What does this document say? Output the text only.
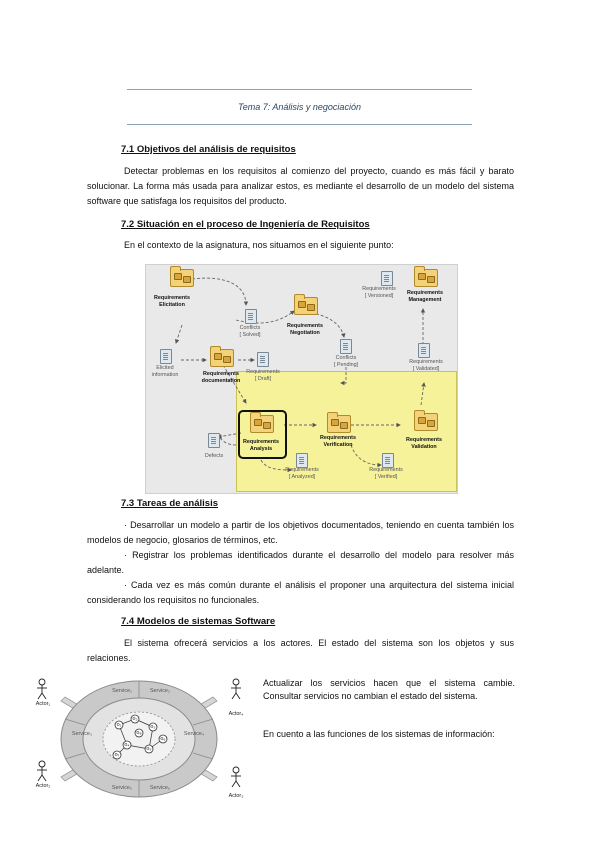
Tema 7: Análisis y negociación
7.1 Objetivos del análisis de requisitos
Detectar problemas en los requisitos al comienzo del proyecto, cuando es más fácil y barato solucionar. La forma más usada para analizar estos, es mediante el desarrollo de un modelo del sistema software que satisfaga los requisitos del producto.
7.2 Situación en el proceso de Ingeniería de Requisitos
En el contexto de la asignatura, nos situamos en el siguiente punto:
Requirements
Elicitation
Requirements
Negotiation
Requirements
Management
Requirements
documentation
Requirements
Analysis
Requirements
Verification
Requirements
Validation
Conflicts
[ Solved]
Requirements
[ Versioned]
Elicited
information	Requirements
[ Draft]
Conflicts
[ Pending]	Requirements
[ Validated]
Defects
Requirements
[ Analyzed]
Requirements
[ Verified]
7.3 Tareas de análisis
· Desarrollar un modelo a partir de los objetivos documentados, teniendo en cuenta también los modelos de negocio, glosarios de términos, etc.
· Registrar los problemas identificados durante el desarrollo del modelo para resolver más adelante.
· Cada vez es más común durante el análisis el proponer una arquitectura del sistema inicial considerando los requisitos no funcionales.
7.4 Modelos de sistemas Software
El sistema ofrecerá servicios a los actores. El estado del sistema son los objetos y sus relaciones.
o₁
o₂
o₃
o₄
o₅
o₆
o₇
o₈
Service₁	Service₂
Service₃	Service₄
Service₅	Service₆
Actor₁
Actor₄
Actor₂
Actor₃
Actualizar los servicios hacen que el sistema cambie. Consultar servicios no cambian el estado del sistema.
En cuento a las funciones de los sistemas de información:
